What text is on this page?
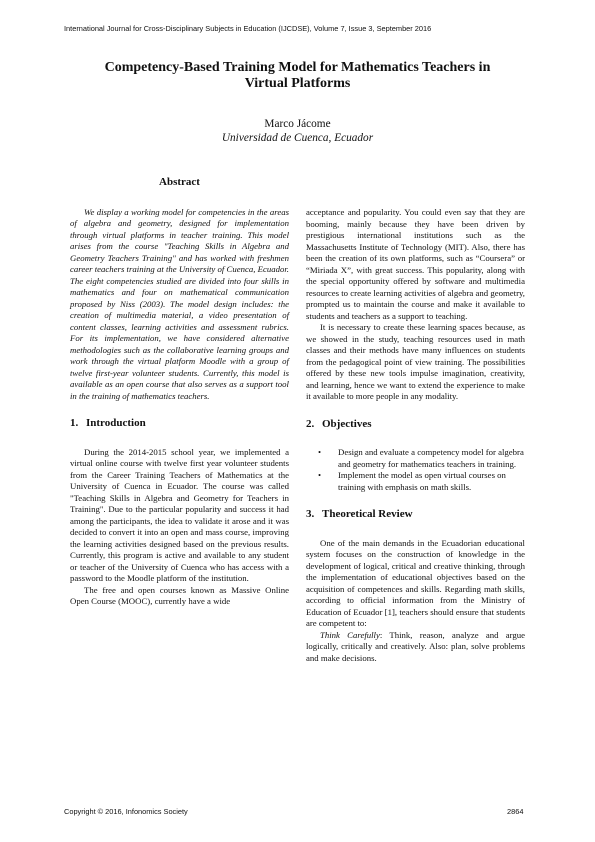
International Journal for Cross-Disciplinary Subjects in Education (IJCDSE), Volume 7, Issue 3, September 2016
Competency-Based Training Model for Mathematics Teachers in
Virtual Platforms
Marco Jácome
Universidad de Cuenca, Ecuador
Abstract

We display a working model for competencies in the areas of algebra and geometry, designed for implementation through virtual platforms in teacher training. This model arises from the course "Teaching Skills in Algebra and Geometry Teachers Training" and has worked with freshmen career teachers training at the University of Cuenca, Ecuador. The eight competencies studied are divided into four skills in mathematics and four on mathematical communication proposed by Niss (2003). The model design includes: the creation of multimedia material, a video presentation of content classes, learning activities and assessment rubrics. For its implementation, we have considered alternative methodologies such as the collaborative learning groups and work through the virtual platform Moodle with a group of twelve first-year volunteer students. Currently, this model is available as an open course that also serves as a support tool in the training of mathematics teachers.

1. Introduction

During the 2014-2015 school year, we implemented a virtual online course with twelve first year volunteer students from the Career Training Teachers of Mathematics at the University of Cuenca in Ecuador. The course was called "Teaching Skills in Algebra and Geometry for Teachers in Training". Due to the particular popularity and success it had among the participants, the idea to validate it arose and it was decided to convert it into an open and mass course, improving the learning activities designed based on the previous results. Currently, this program is active and available to any student or teacher of the University of Cuenca who has access with a password to the Moodle platform of the institution.

The free and open courses known as Massive Online Open Course (MOOC), currently have a wide

acceptance and popularity. You could even say that they are booming, mainly because they have been driven by prestigious international institutions such as the Massachusetts Institute of Technology (MIT). Also, there has been the creation of its own platforms, such as “Coursera” or “Miriada X”, with great success. This popularity, along with the special opportunity offered by software and multimedia resources to create learning activities of algebra and geometry, prompted us to maintain the course and make it available to students and teachers as a support to teaching.

It is necessary to create these learning spaces because, as we showed in the study, teaching resources used in math classes and their methods have many influences on students from the pedagogical point of view training. The possibilities offered by these new tools impulse imagination, creativity, and learning, hence we want to extend the experience to make it available to more people in any modality.

2. Objectives
• Design and evaluate a competency model for algebra and geometry for mathematics teachers in training.
• Implement the model as open virtual courses on training with emphasis on math skills.
3. Theoretical Review

One of the main demands in the Ecuadorian educational system focuses on the construction of knowledge in the development of logical, critical and creative thinking, through the implementation of educational objectives based on the acquisition of competences and skills. Regarding math skills, according to official information from the Ministry of Education of Ecuador [1], teachers should ensure that students are competent to:

Think Carefully: Think, reason, analyze and argue logically, critically and creatively. Also: plan, solve problems and make decisions.

Copyright © 2016, Infonomics Society	2864
